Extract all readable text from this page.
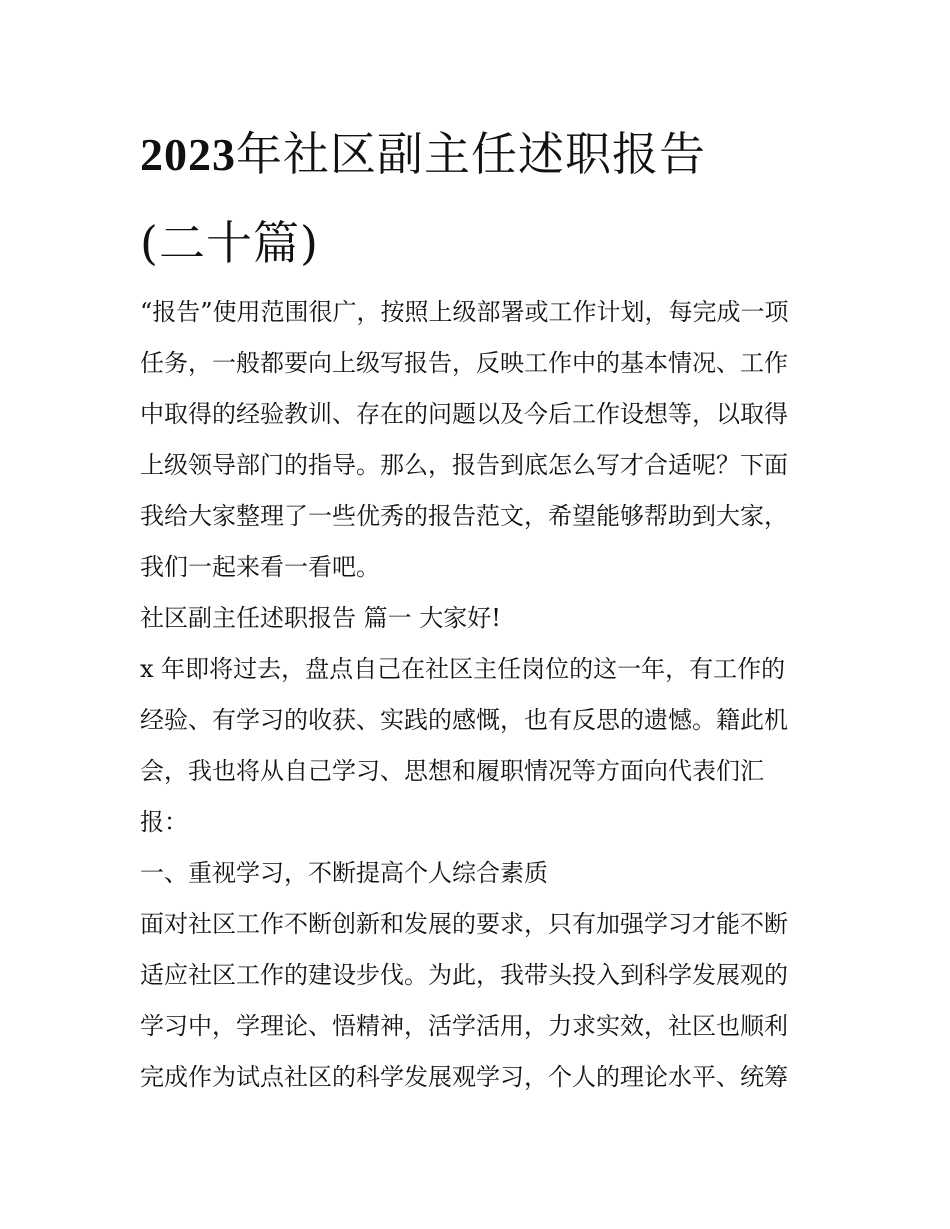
2023年社区副主任述职报告
(二十篇)
“报告”使用范围很广，按照上级部署或工作计划，每完成一项
任务，一般都要向上级写报告，反映工作中的基本情况、工作
中取得的经验教训、存在的问题以及今后工作设想等，以取得
上级领导部门的指导。那么，报告到底怎么写才合适呢？下面
我给大家整理了一些优秀的报告范文，希望能够帮助到大家，
我们一起来看一看吧。
社区副主任述职报告 篇一 大家好!
x 年即将过去，盘点自己在社区主任岗位的这一年，有工作的
经验、有学习的收获、实践的感慨，也有反思的遗憾。籍此机
会，我也将从自己学习、思想和履职情况等方面向代表们汇
报：
一、重视学习，不断提高个人综合素质
面对社区工作不断创新和发展的要求，只有加强学习才能不断
适应社区工作的建设步伐。为此，我带头投入到科学发展观的
学习中，学理论、悟精神，活学活用，力求实效，社区也顺利
完成作为试点社区的科学发展观学习，个人的理论水平、统筹
